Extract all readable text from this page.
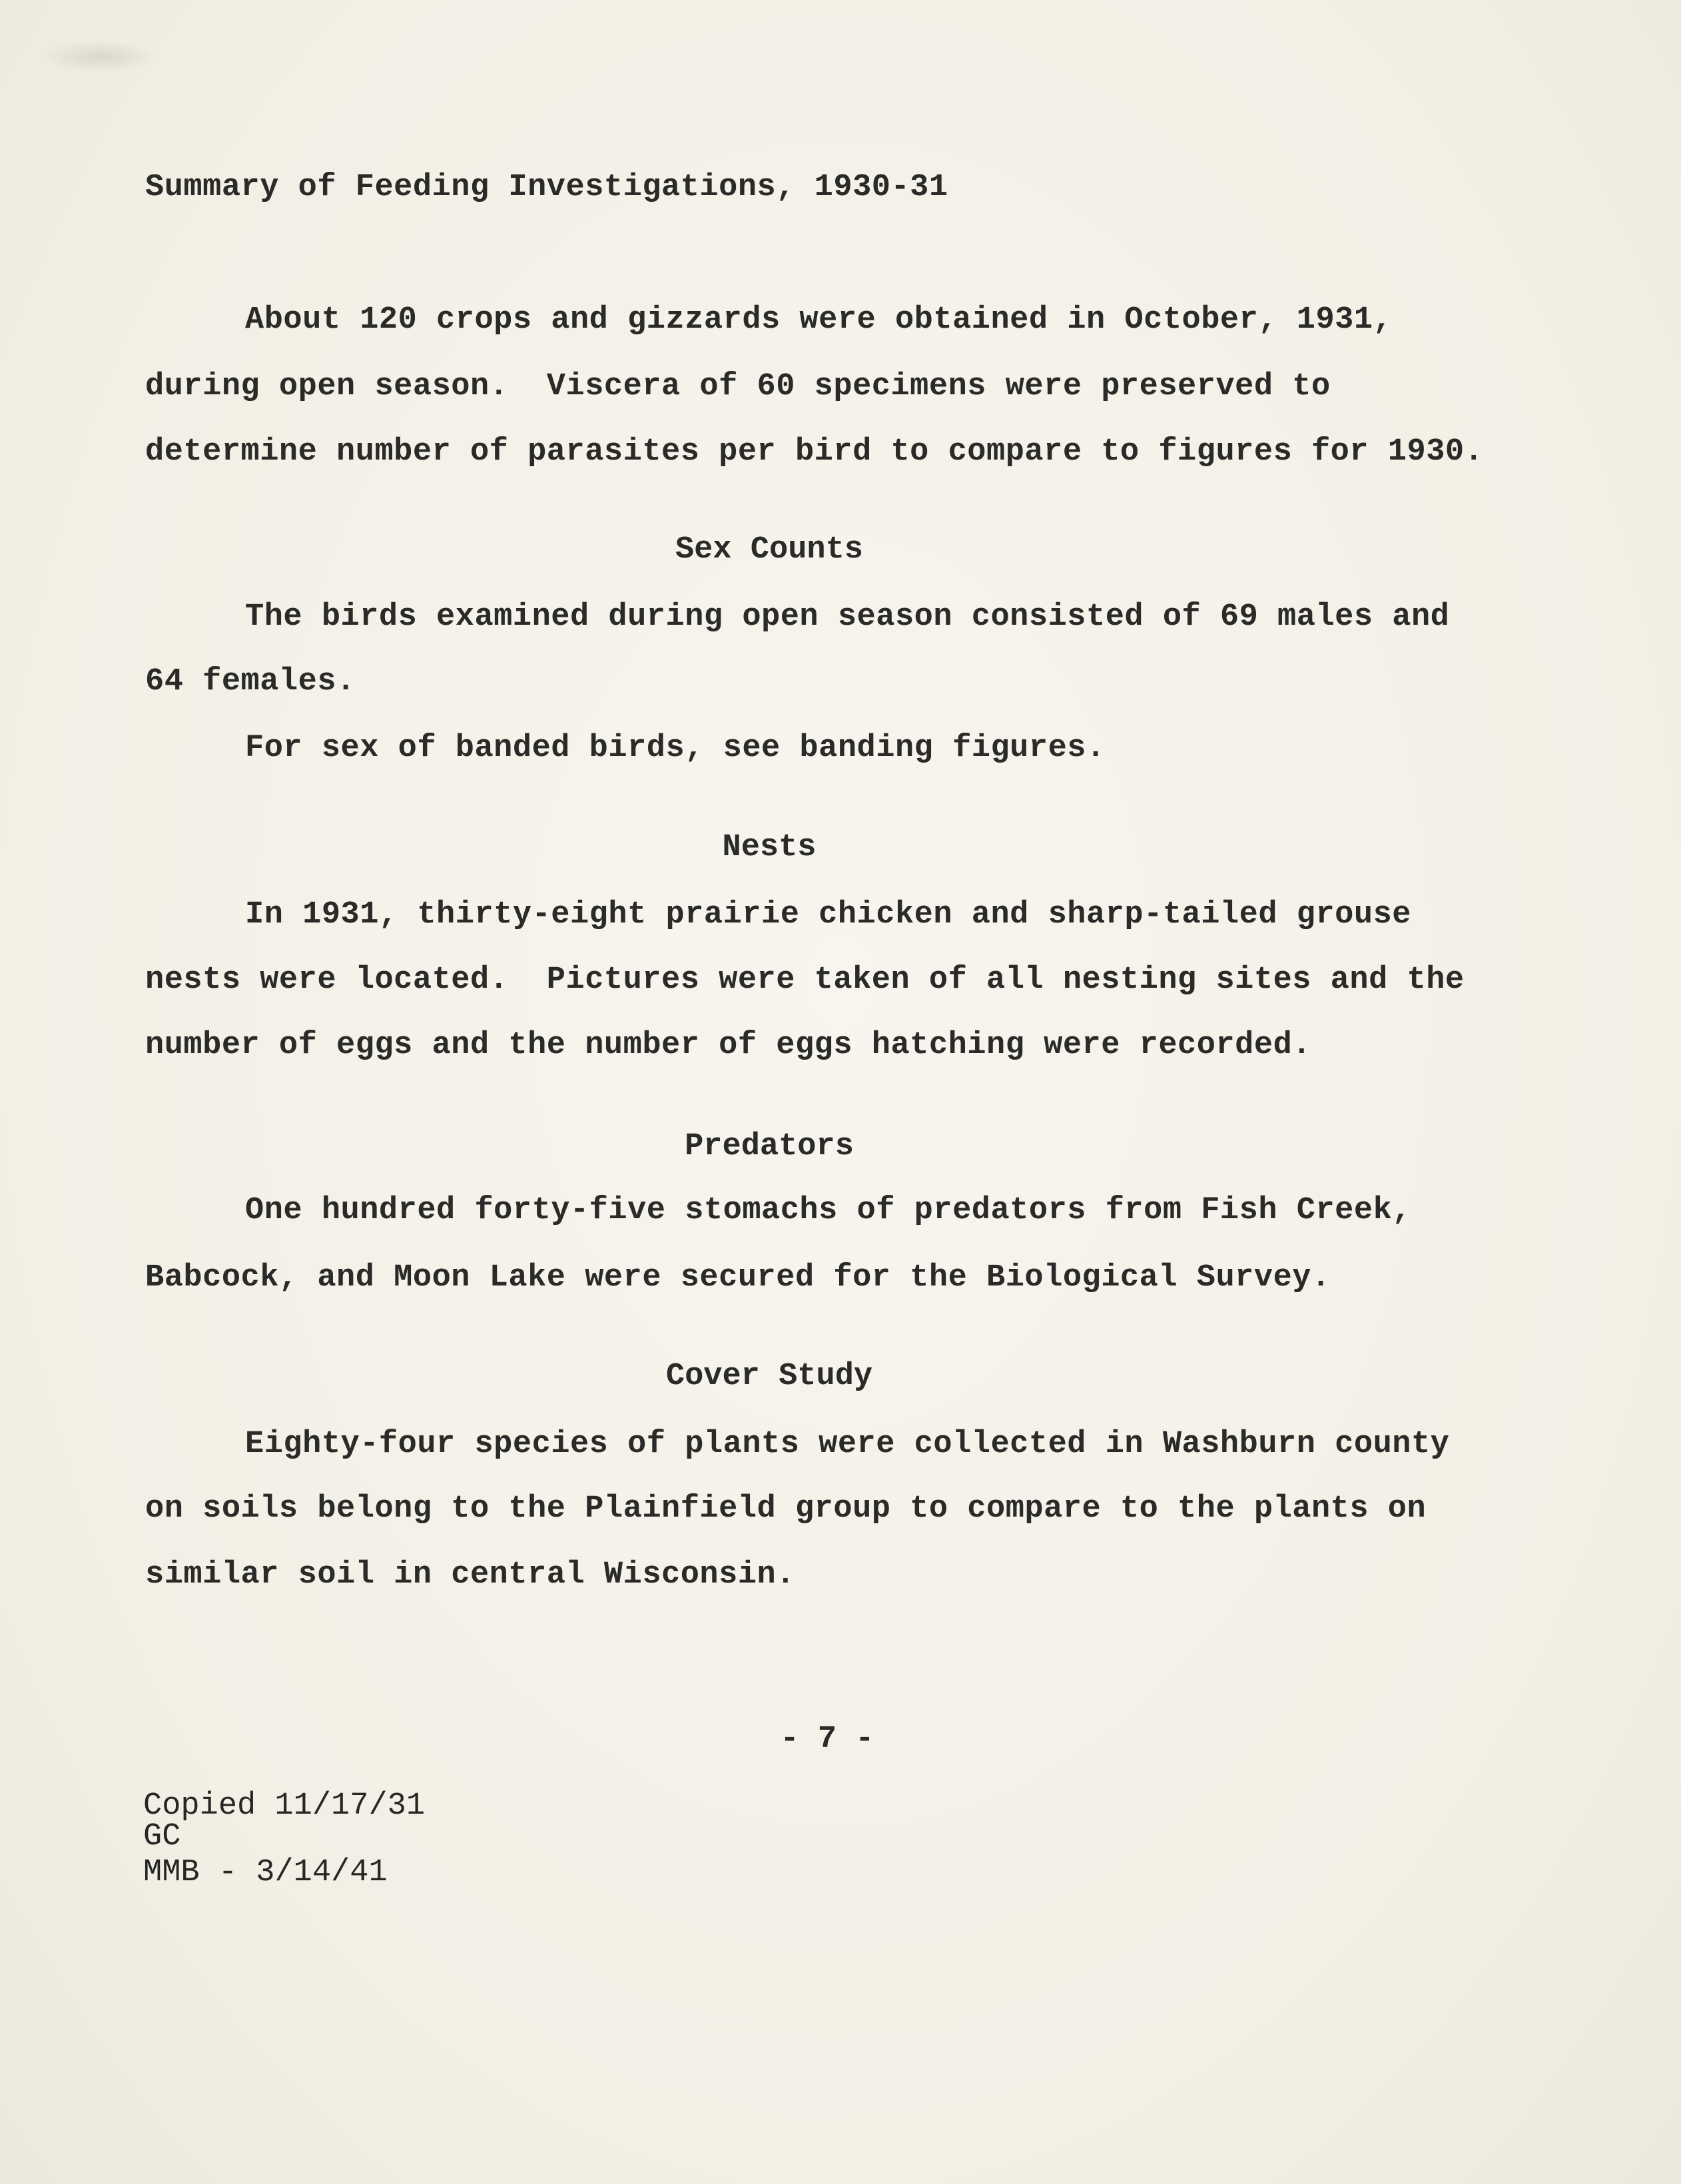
Summary of Feeding Investigations, 1930-31
About 120 crops and gizzards were obtained in October, 1931,
during open season.  Viscera of 60 specimens were preserved to
determine number of parasites per bird to compare to figures for 1930.
Sex Counts
The birds examined during open season consisted of 69 males and
64 females.
For sex of banded birds, see banding figures.
Nests
In 1931, thirty-eight prairie chicken and sharp-tailed grouse
nests were located.  Pictures were taken of all nesting sites and the
number of eggs and the number of eggs hatching were recorded.
Predators
One hundred forty-five stomachs of predators from Fish Creek,
Babcock, and Moon Lake were secured for the Biological Survey.
Cover Study
Eighty-four species of plants were collected in Washburn county
on soils belong to the Plainfield group to compare to the plants on
similar soil in central Wisconsin.
- 7 -
Copied 11/17/31
GC
MMB - 3/14/41
